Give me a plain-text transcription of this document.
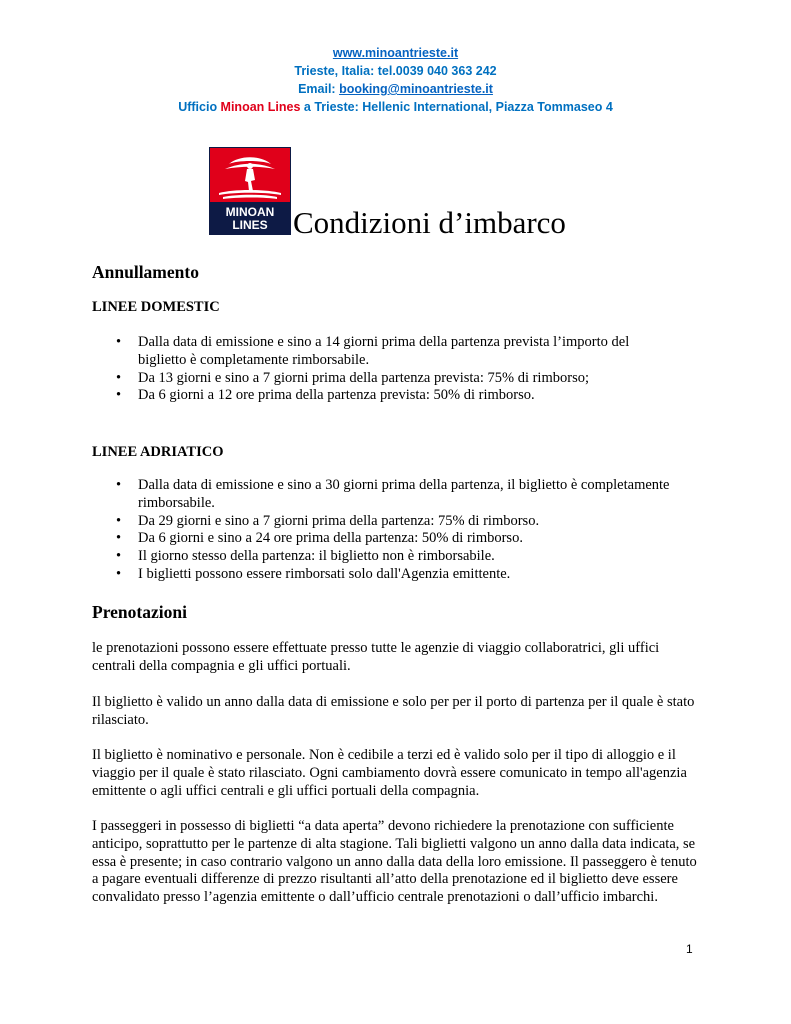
www.minoantrieste.it
Trieste, Italia: tel.0039 040 363 242
Email: booking@minoantrieste.it
Ufficio Minoan Lines a Trieste: Hellenic International, Piazza Tommaseo 4
MINOAN
LINES Condizioni d’imbarco
Annullamento
LINEE DOMESTIC
• Dalla data di emissione e sino a 14 giorni prima della partenza prevista l’importo del biglietto è completamente rimborsabile.
• Da 13 giorni e sino a 7 giorni prima della partenza prevista: 75% di rimborso;
• Da 6 giorni a 12 ore prima della partenza prevista: 50% di rimborso.
LINEE ADRIATICO
• Dalla data di emissione e sino a 30 giorni prima della partenza, il biglietto è completamente rimborsabile.
• Da 29 giorni e sino a 7 giorni prima della partenza: 75% di rimborso.
• Da 6 giorni e sino a 24 ore prima della partenza: 50% di rimborso.
• Il giorno stesso della partenza: il biglietto non è rimborsabile.
• I biglietti possono essere rimborsati solo dall'Agenzia emittente.
Prenotazioni

le prenotazioni possono essere effettuate presso tutte le agenzie di viaggio collaboratrici, gli uffici centrali della compagnia e gli uffici portuali.

Il biglietto è valido un anno dalla data di emissione e solo per per il porto di partenza per il quale è stato rilasciato.

Il biglietto è nominativo e personale. Non è cedibile a terzi ed è valido solo per il tipo di alloggio e il viaggio per il quale è stato rilasciato. Ogni cambiamento dovrà essere comunicato in tempo all'agenzia emittente o agli uffici centrali e gli uffici portuali della compagnia.

I passeggeri in possesso di biglietti “a data aperta” devono richiedere la prenotazione con sufficiente anticipo, soprattutto per le partenze di alta stagione. Tali biglietti valgono un anno dalla data indicata, se essa è presente; in caso contrario valgono un anno dalla data della loro emissione. Il passeggero è tenuto a pagare eventuali differenze di prezzo risultanti all’atto della prenotazione ed il biglietto deve essere convalidato presso l’agenzia emittente o dall’ufficio centrale prenotazioni o dall’ufficio imbarchi.

1
